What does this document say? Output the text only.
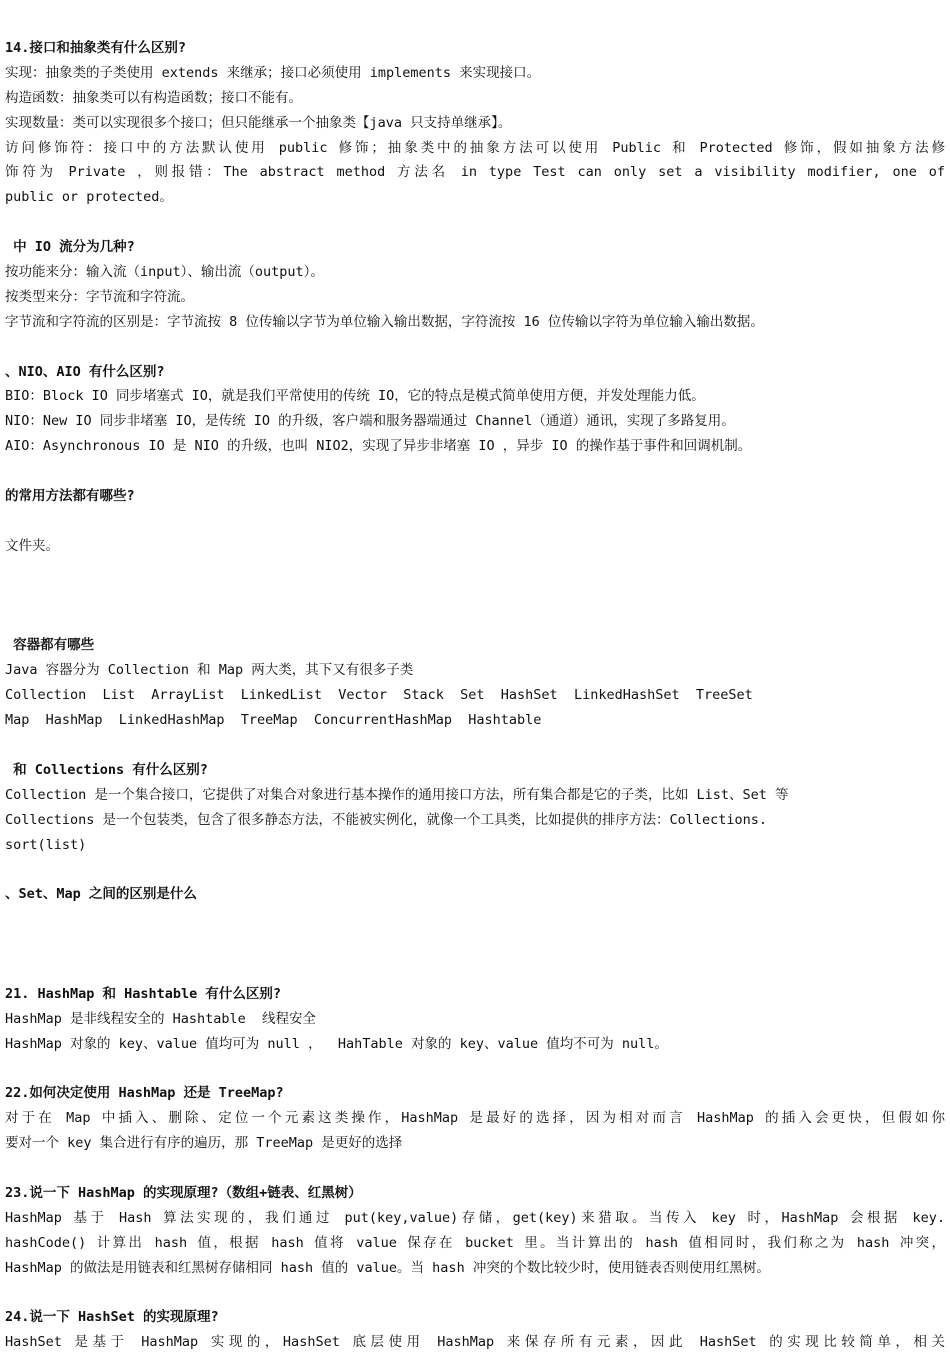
14.接口和抽象类有什么区别?
实现：抽象类的子类使用 extends 来继承；接口必须使用 implements 来实现接口。
构造函数：抽象类可以有构造函数；接口不能有。
实现数量：类可以实现很多个接口；但只能继承一个抽象类【java 只支持单继承】。
访问修饰符：接口中的方法默认使用 public 修饰；抽象类中的抽象方法可以使用 Public 和 Protected 修饰，假如抽象方法修
饰符为 Private ，则报错：The abstract method 方法名 in type Test can only set a visibility modifier, one of
public or protected。
中 IO 流分为几种?
按功能来分：输入流（input）、输出流（output）。
按类型来分：字节流和字符流。
字节流和字符流的区别是：字节流按 8 位传输以字节为单位输入输出数据，字符流按 16 位传输以字符为单位输入输出数据。
、NIO、AIO 有什么区别?
BIO：Block IO 同步堵塞式 IO，就是我们平常使用的传统 IO，它的特点是模式简单使用方便，并发处理能力低。
NIO：New IO 同步非堵塞 IO，是传统 IO 的升级，客户端和服务器端通过 Channel（通道）通讯，实现了多路复用。
AIO：Asynchronous IO 是 NIO 的升级，也叫 NIO2，实现了异步非堵塞 IO ，异步 IO 的操作基于事件和回调机制。
的常用方法都有哪些?

文件夹。

容器都有哪些
Java 容器分为 Collection 和 Map 两大类，其下又有很多子类
Collection  List  ArrayList  LinkedList  Vector  Stack  Set  HashSet  LinkedHashSet  TreeSet
Map  HashMap  LinkedHashMap  TreeMap  ConcurrentHashMap  Hashtable
和 Collections 有什么区别?
Collection 是一个集合接口，它提供了对集合对象进行基本操作的通用接口方法，所有集合都是它的子类，比如 List、Set 等
Collections 是一个包装类，包含了很多静态方法，不能被实例化，就像一个工具类，比如提供的排序方法：Collections.
sort(list)
、Set、Map 之间的区别是什么
21. HashMap 和 Hashtable 有什么区别?
HashMap 是非线程安全的 Hashtable  线程安全
HashMap 对象的 key、value 值均可为 null ，  HahTable 对象的 key、value 值均不可为 null。
22.如何决定使用 HashMap 还是 TreeMap?
对于在 Map 中插入、删除、定位一个元素这类操作，HashMap 是最好的选择，因为相对而言 HashMap 的插入会更快，但假如你
要对一个 key 集合进行有序的遍历，那 TreeMap 是更好的选择
23.说一下 HashMap 的实现原理?（数组+链表、红黑树）
HashMap 基于 Hash 算法实现的，我们通过 put(key,value)存储，get(key)来猎取。当传入 key 时，HashMap 会根据 key.
hashCode() 计算出 hash 值，根据 hash 值将 value 保存在 bucket 里。当计算出的 hash 值相同时，我们称之为 hash 冲突，
HashMap 的做法是用链表和红黑树存储相同 hash 值的 value。当 hash 冲突的个数比较少时，使用链表否则使用红黑树。
24.说一下 HashSet 的实现原理?
HashSet 是基于 HashMap 实现的，HashSet 底层使用 HashMap 来保存所有元素，因此 HashSet 的实现比较简单，相关
